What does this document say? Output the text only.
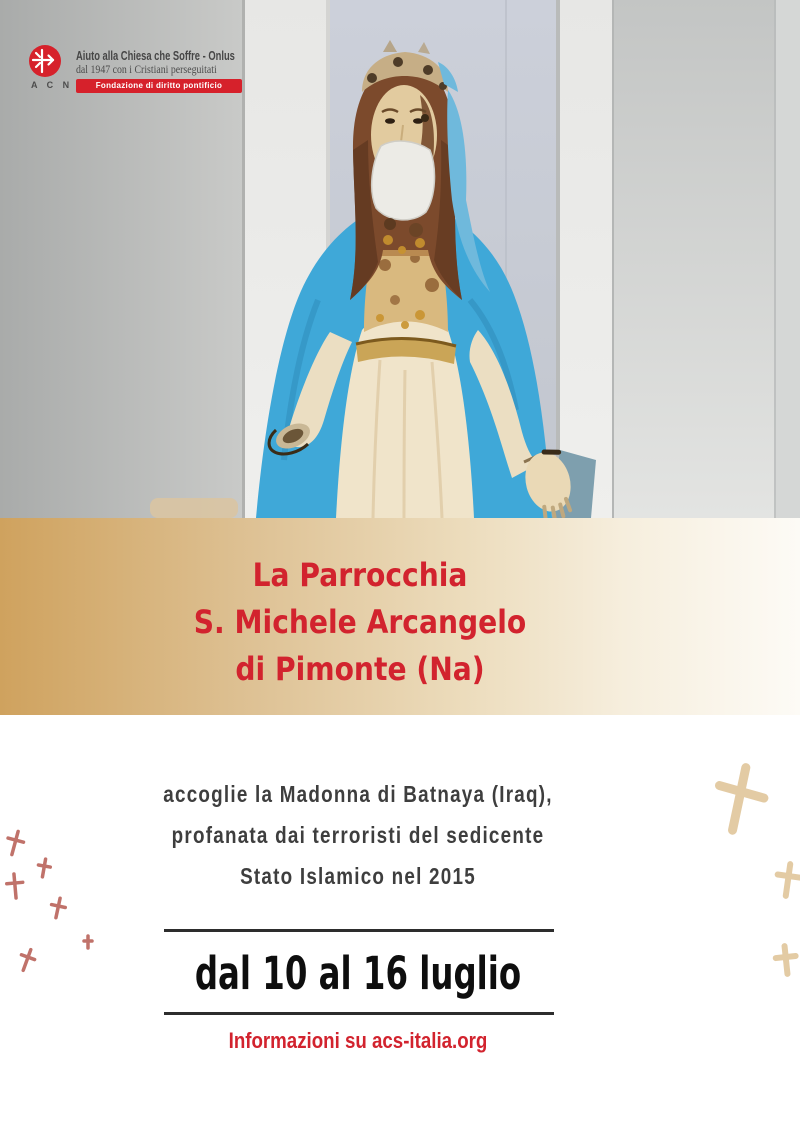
A C N
Aiuto alla Chiesa che Soffre - Onlus
dal 1947 con i Cristiani perseguitati
Fondazione di diritto pontificio
La Parrocchia
S. Michele Arcangelo
di Pimonte (Na)
accoglie la Madonna di Batnaya (Iraq),
profanata dai terroristi del sedicente
Stato Islamico nel 2015
dal 10 al 16 luglio
Informazioni su acs-italia.org
